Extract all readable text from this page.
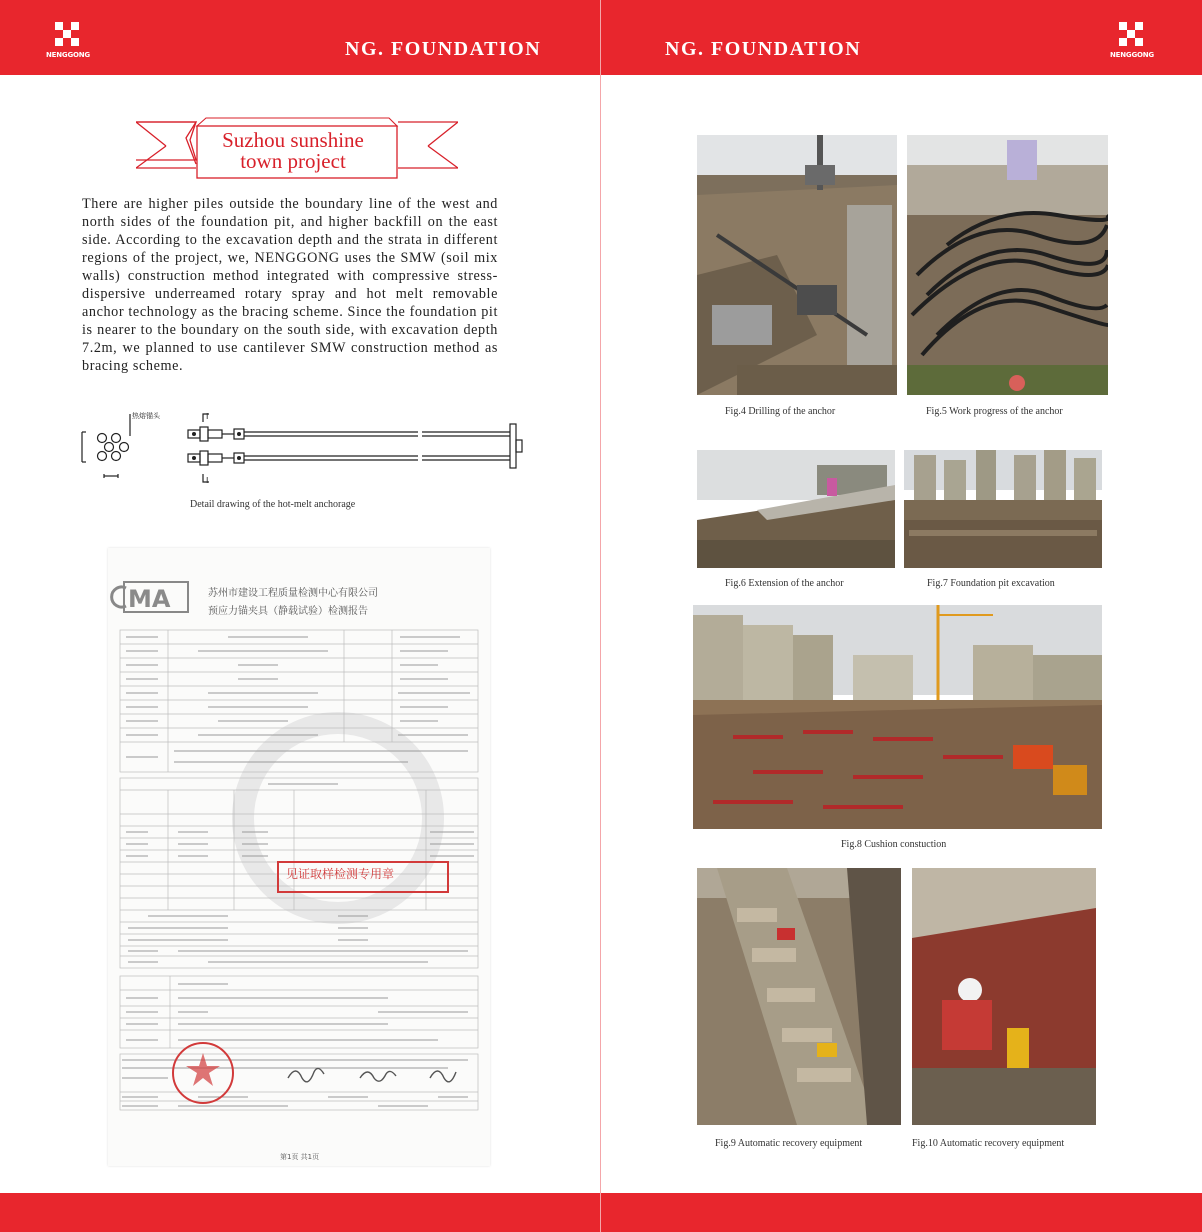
NENGGONG	NG. FOUNDATION	NG. FOUNDATION	NENGGONG
Suzhou sunshine
town project
There are higher piles outside the boundary line of the west and north sides of the foundation pit, and higher backfill on the east side. According to the excavation depth and the strata in different regions of the project, we, NENGGONG uses the SMW (soil mix walls) construction method integrated with compressive stress-dispersive underreamed rotary spray and hot melt removable anchor technology as the bracing scheme. Since the foundation pit is nearer to the boundary on the south side, with excavation depth 7.2m, we planned to use cantilever SMW construction method as bracing scheme.
热熔锚头	I
I
Detail drawing of the hot-melt anchorage
MA
见证取样检测专用章
苏州市建设工程质量检测中心有限公司
预应力锚夹具（静载试验）检测报告
第1页 共1页
Fig.4 Drilling of the anchor	Fig.5 Work progress of the anchor
Fig.6 Extension of the anchor	Fig.7 Foundation pit excavation
Fig.8 Cushion constuction
Fig.9 Automatic recovery equipment	Fig.10 Automatic recovery equipment
